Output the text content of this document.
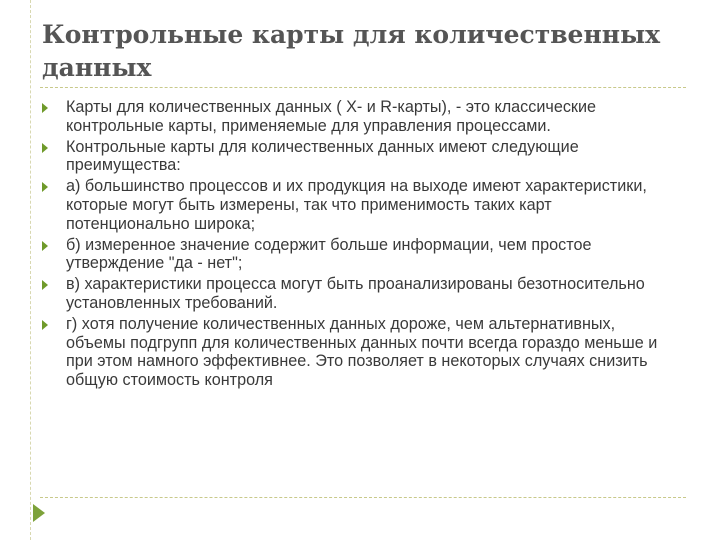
Контрольные карты для количественных данных
Карты для количественных данных ( X- и R-карты), - это классические контрольные карты, применяемые для управления процессами.
Контрольные карты для количественных данных имеют следующие преимущества:
а) большинство процессов и их продукция на выходе имеют характеристики, которые могут быть измерены, так что применимость таких карт потенционально широка;
б) измеренное значение содержит больше информации, чем простое утверждение "да - нет";
в) характеристики процесса могут быть проанализированы безотносительно установленных требований.
г) хотя получение количественных данных дороже, чем альтернативных, объемы подгрупп для количественных данных почти всегда гораздо меньше и при этом намного эффективнее. Это позволяет в некоторых случаях снизить общую стоимость контроля
